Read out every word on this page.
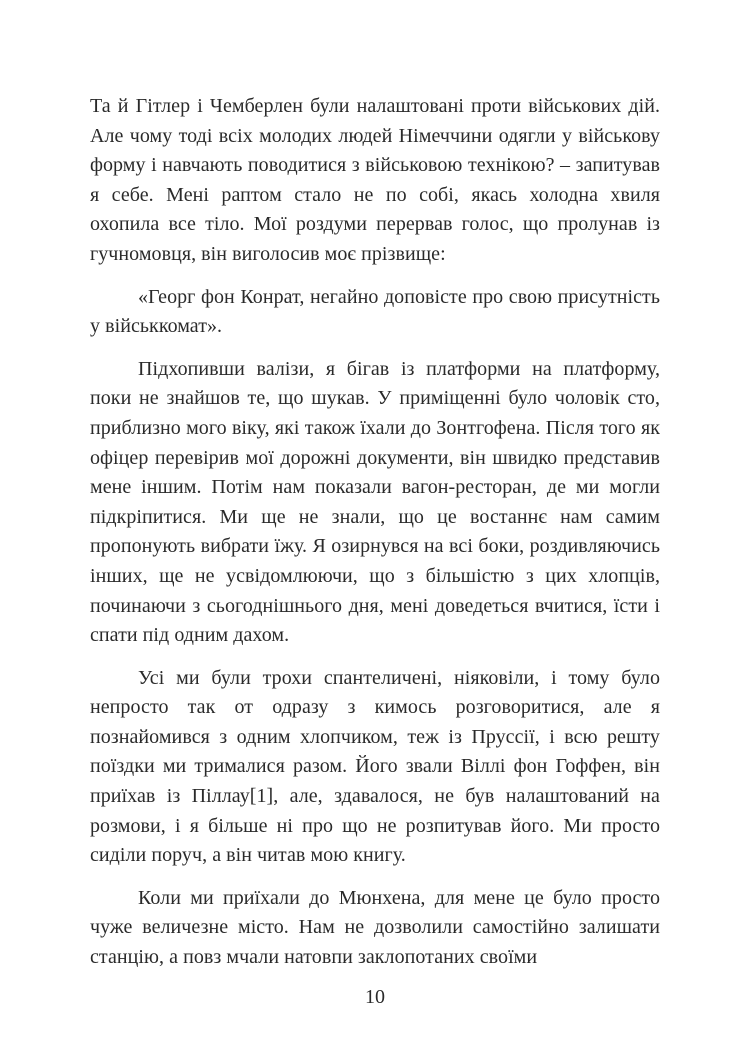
Та й Гітлер і Чемберлен були налаштовані проти військових дій. Але чому тоді всіх молодих людей Німеччини одягли у військову форму і навчають поводитися з військовою технікою? – запитував я себе. Мені раптом стало не по собі, якась холодна хвиля охопила все тіло. Мої роздуми перервав голос, що пролунав із гучномовця, він виголосив моє прізвище:

«Георг фон Конрат, негайно доповісте про свою присутність у військкомат».

Підхопивши валізи, я бігав із платформи на платформу, поки не знайшов те, що шукав. У приміщенні було чоловік сто, приблизно мого віку, які також їхали до Зонтгофена. Після того як офіцер перевірив мої дорожні документи, він швидко представив мене іншим. Потім нам показали вагон-ресторан, де ми могли підкріпитися. Ми ще не знали, що це востаннє нам самим пропонують вибрати їжу. Я озирнувся на всі боки, роздивляючись інших, ще не усвідомлюючи, що з більшістю з цих хлопців, починаючи з сьогоднішнього дня, мені доведеться вчитися, їсти і спати під одним дахом.

Усі ми були трохи спантеличені, ніяковіли, і тому було непросто так от одразу з кимось розговоритися, але я познайомився з одним хлопчиком, теж із Пруссії, і всю решту поїздки ми трималися разом. Його звали Віллі фон Гоффен, він приїхав із Піллау[1], але, здавалося, не був налаштований на розмови, і я більше ні про що не розпитував його. Ми просто сиділи поруч, а він читав мою книгу.

Коли ми приїхали до Мюнхена, для мене це було просто чуже величезне місто. Нам не дозволили самостійно залишати станцію, а повз мчали натовпи заклопотаних своїми

10
